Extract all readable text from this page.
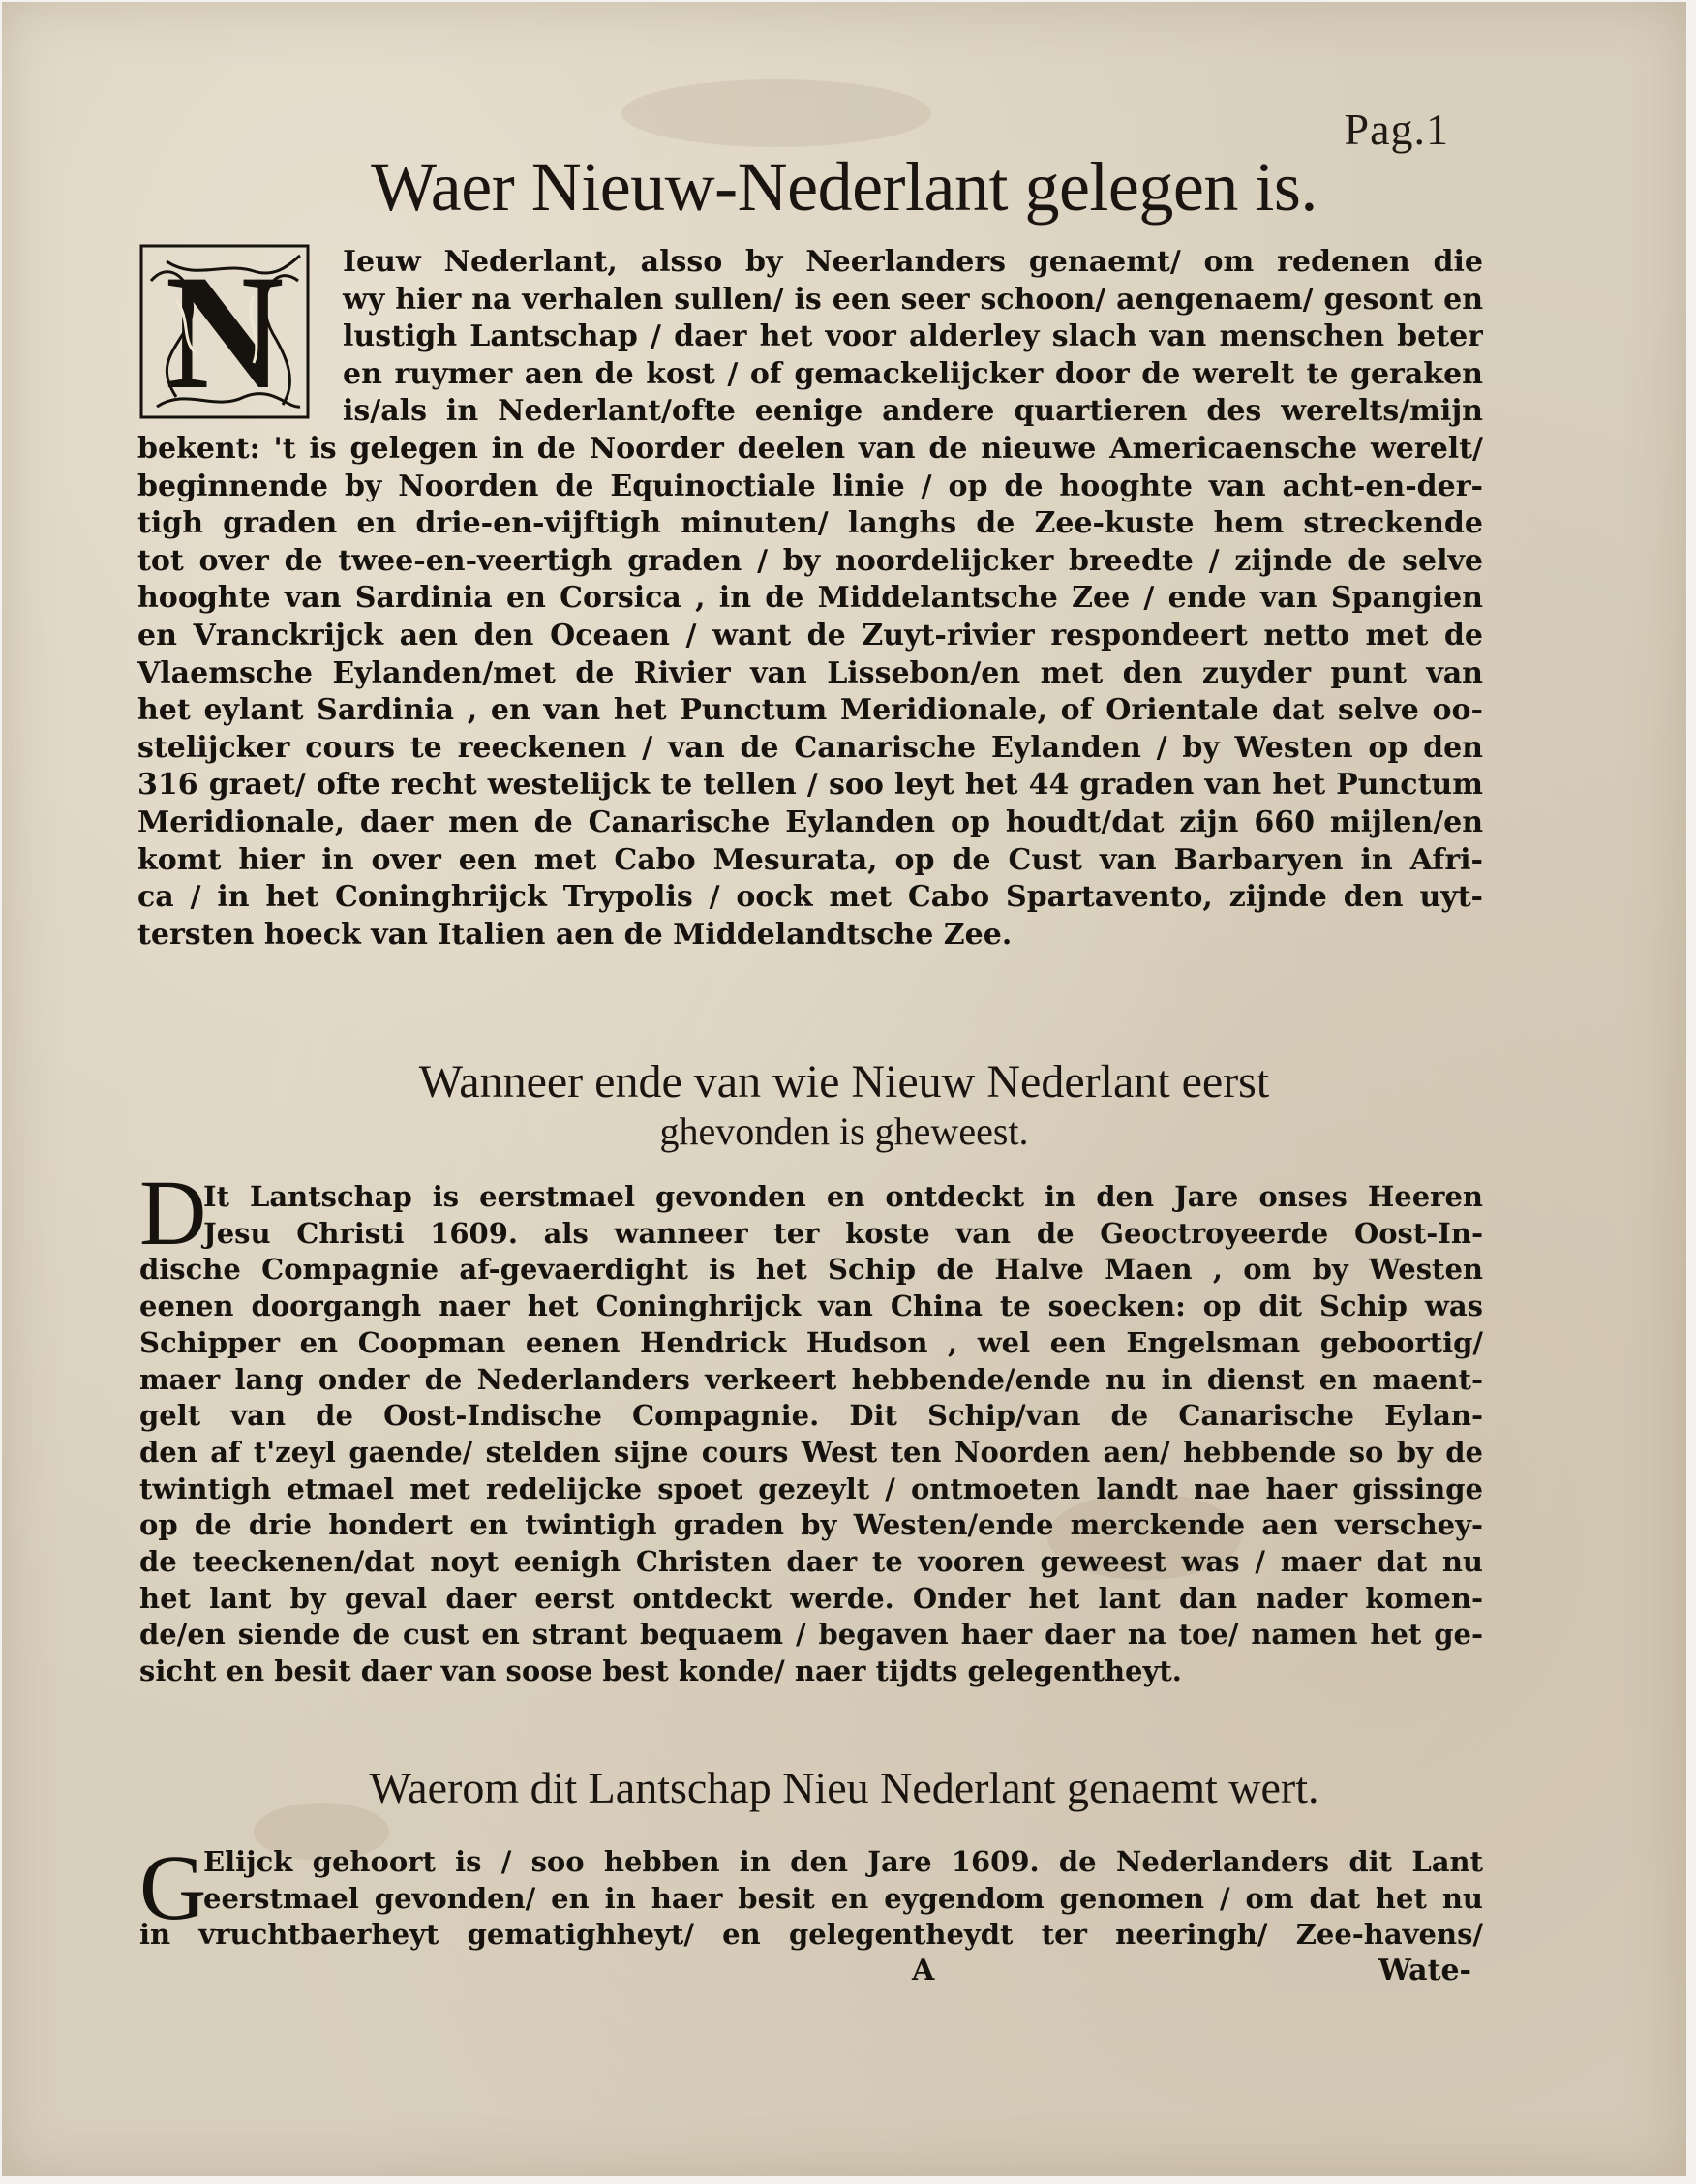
Pag.1
Waer Nieuw-Nederlant gelegen is.
N	Ieuw Nederlant, alsso by Neerlanders genaemt/ om redenen die
wy hier na verhalen sullen/ is een seer schoon/ aengenaem/ gesont en
lustigh Lantschap / daer het voor alderley slach van menschen beter
en ruymer aen de kost / of gemackelijcker door de werelt te geraken
is/als in Nederlant/ofte eenige andere quartieren des werelts/mijn
bekent: 't is gelegen in de Noorder deelen van de nieuwe Americaensche werelt/
beginnende by Noorden de Equinoctiale linie / op de hooghte van acht-en-der-
tigh graden en drie-en-vijftigh minuten/ langhs de Zee-kuste hem streckende
tot over de twee-en-veertigh graden / by noordelijcker breedte / zijnde de selve
hooghte van Sardinia en Corsica , in de Middelantsche Zee / ende van Spangien
en Vranckrijck aen den Oceaen / want de Zuyt-rivier respondeert netto met de
Vlaemsche Eylanden/met de Rivier van Lissebon/en met den zuyder punt van
het eylant Sardinia , en van het Punctum Meridionale, of Orientale dat selve oo-
stelijcker cours te reeckenen / van de Canarische Eylanden / by Westen op den
316 graet/ ofte recht westelijck te tellen / soo leyt het 44 graden van het Punctum
Meridionale, daer men de Canarische Eylanden op houdt/dat zijn 660 mijlen/en
komt hier in over een met Cabo Mesurata, op de Cust van Barbaryen in Afri-
ca / in het Coninghrijck Trypolis / oock met Cabo Spartavento, zijnde den uyt-
tersten hoeck van Italien aen de Middelandtsche Zee.
Wanneer ende van wie Nieuw Nederlant eerst
ghevonden is gheweest.
D
It Lantschap is eerstmael gevonden en ontdeckt in den Jare onses Heeren
Jesu Christi 1609. als wanneer ter koste van de Geoctroyeerde Oost-In-
dische Compagnie af-gevaerdight is het Schip de Halve Maen , om by Westen
eenen doorgangh naer het Coninghrijck van China te soecken: op dit Schip was
Schipper en Coopman eenen Hendrick Hudson , wel een Engelsman geboortig/
maer lang onder de Nederlanders verkeert hebbende/ende nu in dienst en maent-
gelt van de Oost-Indische Compagnie. Dit Schip/van de Canarische Eylan-
den af t'zeyl gaende/ stelden sijne cours West ten Noorden aen/ hebbende so by de
twintigh etmael met redelijcke spoet gezeylt / ontmoeten landt nae haer gissinge
op de drie hondert en twintigh graden by Westen/ende merckende aen verschey-
de teeckenen/dat noyt eenigh Christen daer te vooren geweest was / maer dat nu
het lant by geval daer eerst ontdeckt werde. Onder het lant dan nader komen-
de/en siende de cust en strant bequaem / begaven haer daer na toe/ namen het ge-
sicht en besit daer van soose best konde/ naer tijdts gelegentheyt.
Waerom dit Lantschap Nieu Nederlant genaemt wert.
G
Elijck gehoort is / soo hebben in den Jare 1609. de Nederlanders dit Lant
eerstmael gevonden/ en in haer besit en eygendom genomen / om dat het nu
in vruchtbaerheyt gematighheyt/ en gelegentheydt ter neeringh/ Zee-havens/
A	Wate-
